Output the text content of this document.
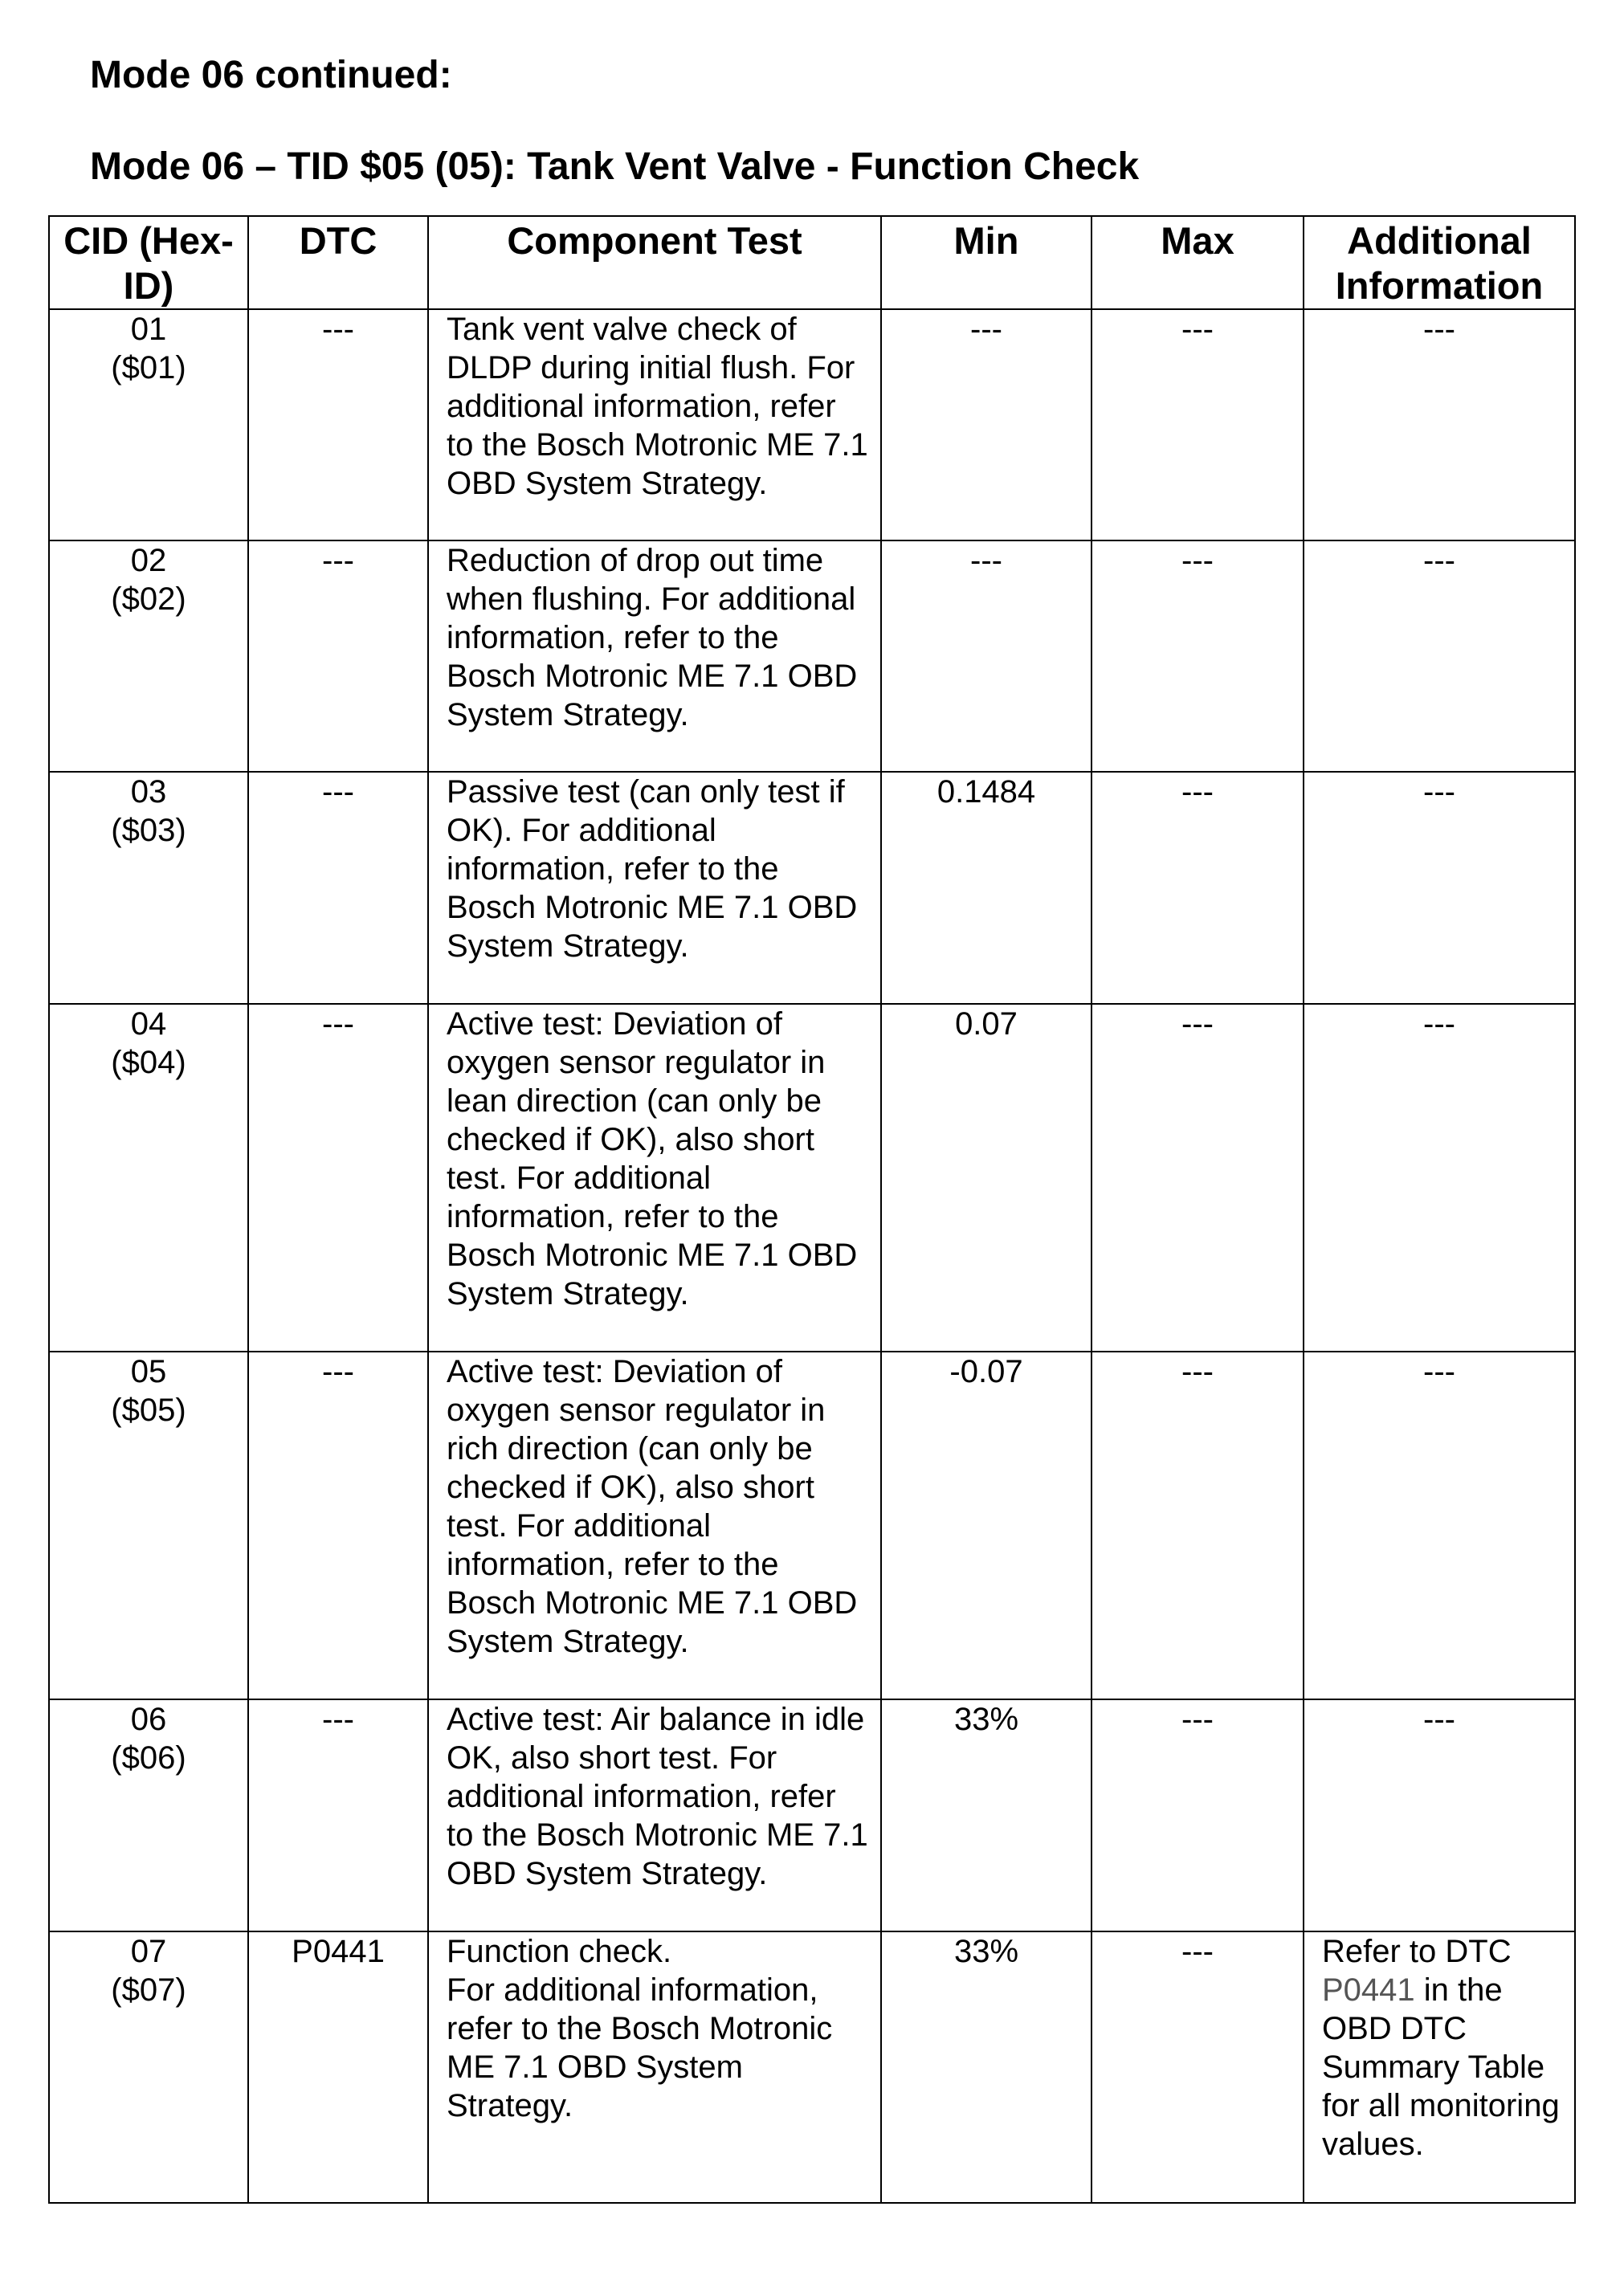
Mode 06 continued:
Mode 06 – TID $05 (05): Tank Vent Valve - Function Check
CID (Hex-ID)	DTC	Component Test	Min	Max	Additional Information

01
($01)	---	Tank vent valve check of DLDP during initial flush. For additional information, refer to the Bosch Motronic ME 7.1 OBD System Strategy.	---	---	---

02
($02)	---	Reduction of drop out time when flushing. For additional information, refer to the Bosch Motronic ME 7.1 OBD System Strategy.	---	---	---

03
($03)	---	Passive test (can only test if OK). For additional information, refer to the Bosch Motronic ME 7.1 OBD System Strategy.	0.1484	---	---

04
($04)	---	Active test: Deviation of oxygen sensor regulator in lean direction (can only be checked if OK), also short test. For additional information, refer to the Bosch Motronic ME 7.1 OBD System Strategy.	0.07	---	---

05
($05)	---	Active test: Deviation of oxygen sensor regulator in rich direction (can only be checked if OK), also short test. For additional information, refer to the Bosch Motronic ME 7.1 OBD System Strategy.	-0.07	---	---

06
($06)	---	Active test: Air balance in idle OK, also short test. For additional information, refer to the Bosch Motronic ME 7.1 OBD System Strategy.	33%	---	---

07
($07)	P0441	Function check.
For additional information, refer to the Bosch Motronic ME 7.1 OBD System Strategy.	33%	---	Refer to DTC P0441 in the OBD DTC Summary Table for all monitoring values.
